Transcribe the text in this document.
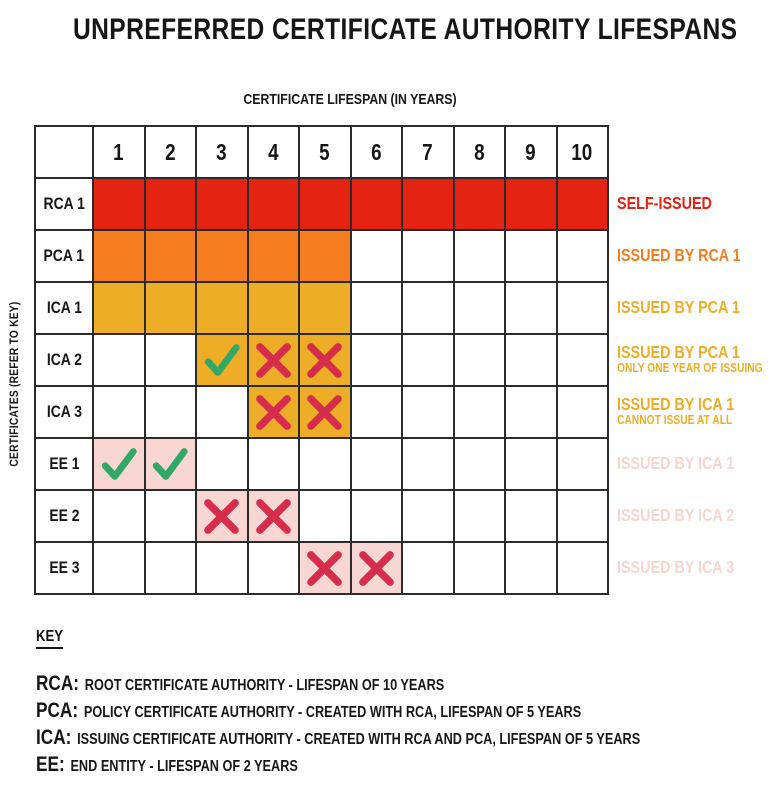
UNPREFERRED CERTIFICATE AUTHORITY LIFESPANS
CERTIFICATE LIFESPAN (IN YEARS)
CERTIFICATES (REFER TO KEY)
1 2 3 4 5 6 7 8 9 10
RCA 1
PCA 1
ICA 1
ICA 2
ICA 3
EE 1
EE 2
EE 3
SELF-ISSUED
ISSUED BY RCA 1
ISSUED BY PCA 1
ISSUED BY PCA 1
ONLY ONE YEAR OF ISSUING
ISSUED BY ICA 1
CANNOT ISSUE AT ALL
ISSUED BY ICA 1
ISSUED BY ICA 2
ISSUED BY ICA 3
KEY
RCA: ROOT CERTIFICATE AUTHORITY - LIFESPAN OF 10 YEARS
PCA: POLICY CERTIFICATE AUTHORITY - CREATED WITH RCA, LIFESPAN OF 5 YEARS
ICA: ISSUING CERTIFICATE AUTHORITY - CREATED WITH RCA AND PCA, LIFESPAN OF 5 YEARS
EE: END ENTITY - LIFESPAN OF 2 YEARS
